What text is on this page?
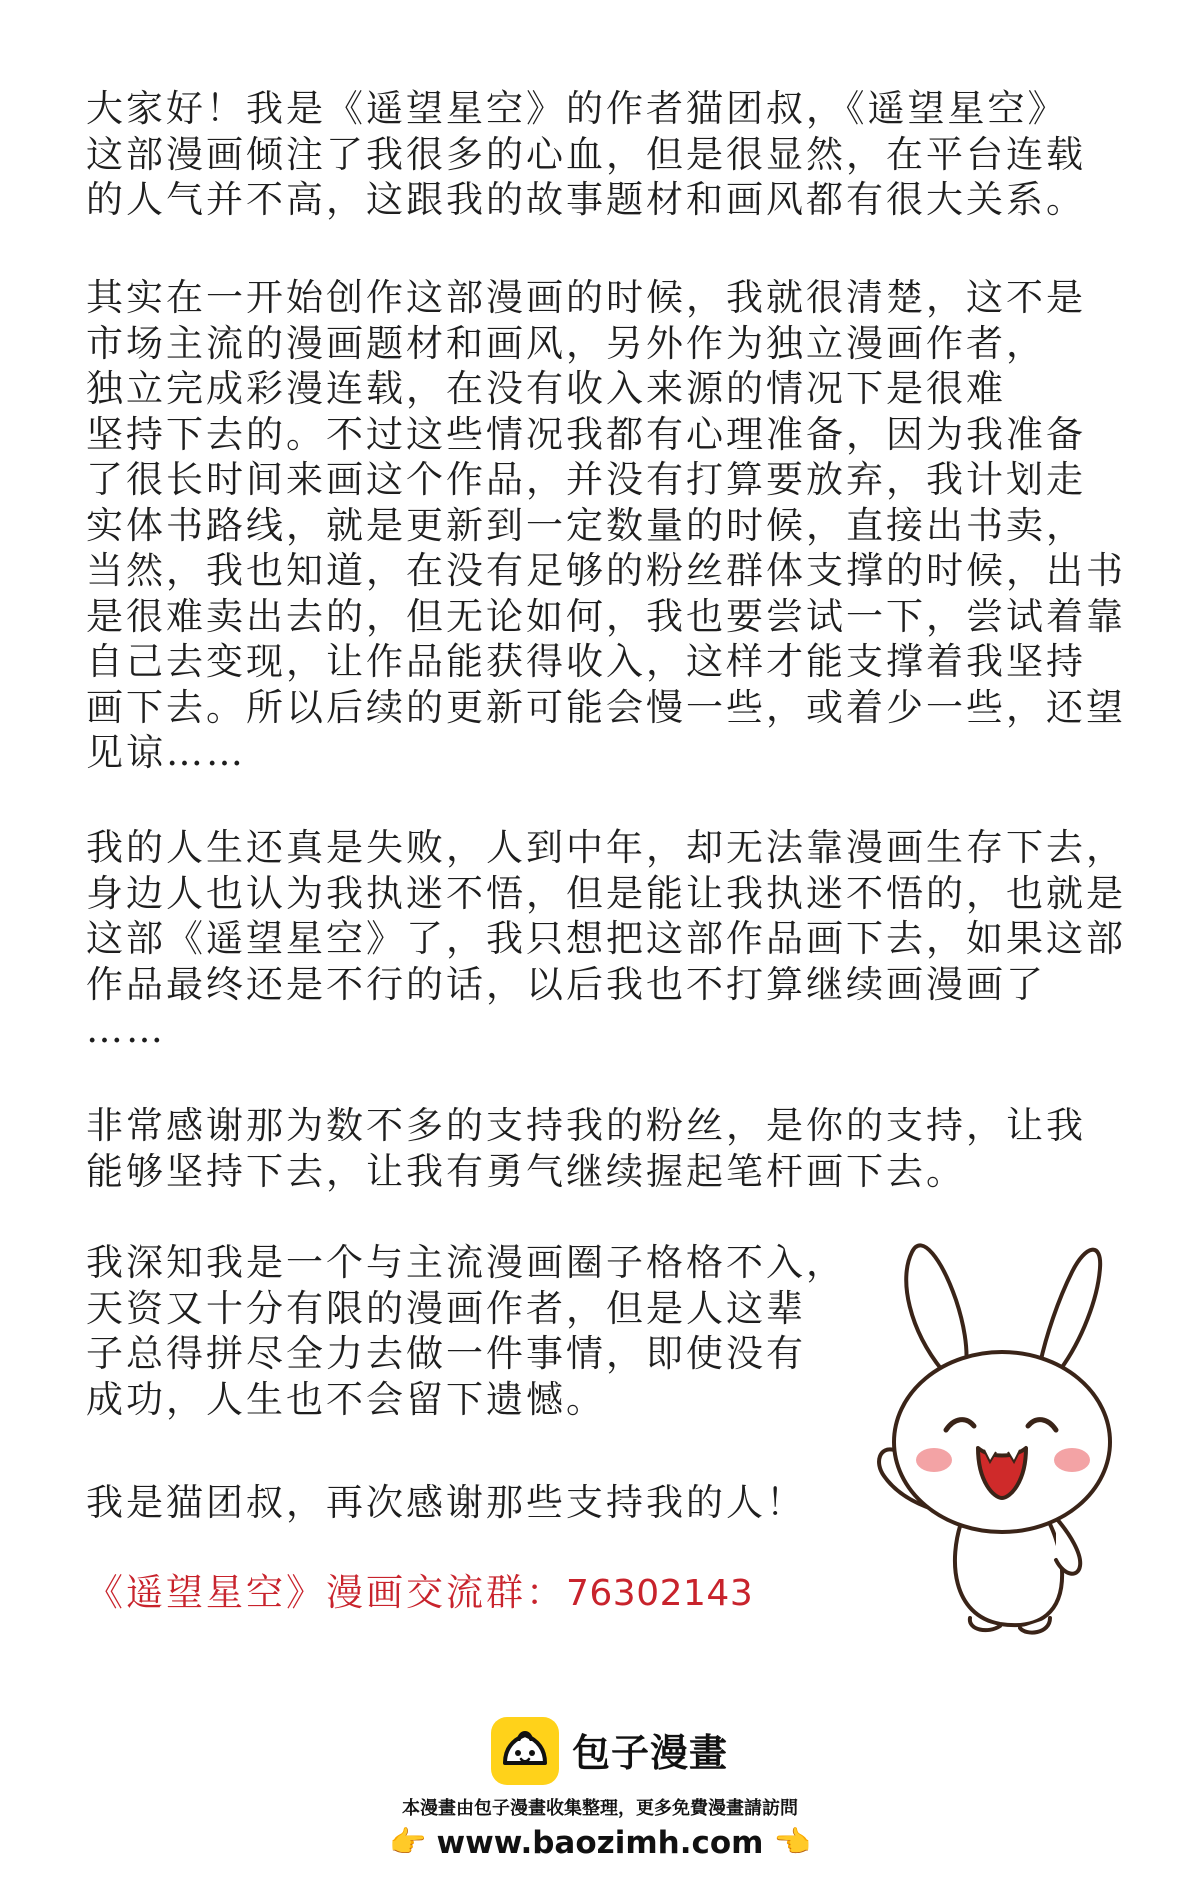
大家好！我是《遥望星空》的作者猫团叔，《遥望星空》
这部漫画倾注了我很多的心血，但是很显然，在平台连载
的人气并不高，这跟我的故事题材和画风都有很大关系。
其实在一开始创作这部漫画的时候，我就很清楚，这不是
市场主流的漫画题材和画风，另外作为独立漫画作者，
独立完成彩漫连载，在没有收入来源的情况下是很难
坚持下去的。不过这些情况我都有心理准备，因为我准备
了很长时间来画这个作品，并没有打算要放弃，我计划走
实体书路线，就是更新到一定数量的时候，直接出书卖，
当然，我也知道，在没有足够的粉丝群体支撑的时候，出书
是很难卖出去的，但无论如何，我也要尝试一下，尝试着靠
自己去变现，让作品能获得收入，这样才能支撑着我坚持
画下去。所以后续的更新可能会慢一些，或着少一些，还望
见谅……
我的人生还真是失败，人到中年，却无法靠漫画生存下去，
身边人也认为我执迷不悟，但是能让我执迷不悟的，也就是
这部《遥望星空》了，我只想把这部作品画下去，如果这部
作品最终还是不行的话，以后我也不打算继续画漫画了
……
非常感谢那为数不多的支持我的粉丝，是你的支持，让我
能够坚持下去，让我有勇气继续握起笔杆画下去。
我深知我是一个与主流漫画圈子格格不入，
天资又十分有限的漫画作者，但是人这辈
子总得拼尽全力去做一件事情，即使没有
成功，人生也不会留下遗憾。
我是猫团叔，再次感谢那些支持我的人！
《遥望星空》漫画交流群：76302143
包子漫畫
本漫畫由包子漫畫收集整理，更多免費漫畫請訪問
👉 www.baozimh.com 👈
